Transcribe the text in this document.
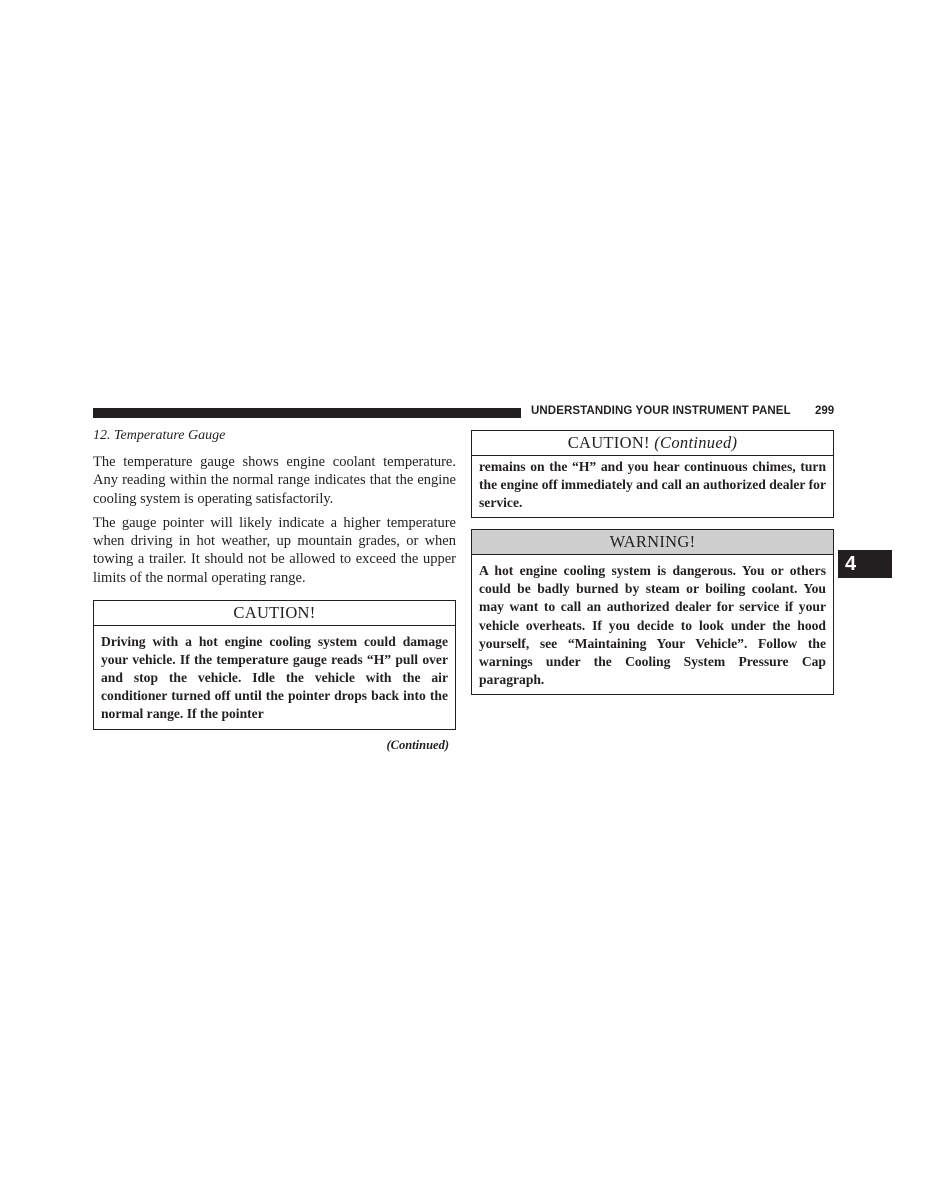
UNDERSTANDING YOUR INSTRUMENT PANEL 299
4
12. Temperature Gauge

The temperature gauge shows engine coolant temperature. Any reading within the normal range indicates that the engine cooling system is operating satisfactorily.

The gauge pointer will likely indicate a higher temperature when driving in hot weather, up mountain grades, or when towing a trailer. It should not be allowed to exceed the upper limits of the normal operating range.

CAUTION!
Driving with a hot engine cooling system could damage your vehicle. If the temperature gauge reads “H” pull over and stop the vehicle. Idle the vehicle with the air conditioner turned off until the pointer drops back into the normal range. If the pointer
(Continued)
CAUTION! (Continued)
remains on the “H” and you hear continuous chimes, turn the engine off immediately and call an authorized dealer for service.
WARNING!
A hot engine cooling system is dangerous. You or others could be badly burned by steam or boiling coolant. You may want to call an authorized dealer for service if your vehicle overheats. If you decide to look under the hood yourself, see “Maintaining Your Vehicle”. Follow the warnings under the Cooling System Pressure Cap paragraph.
